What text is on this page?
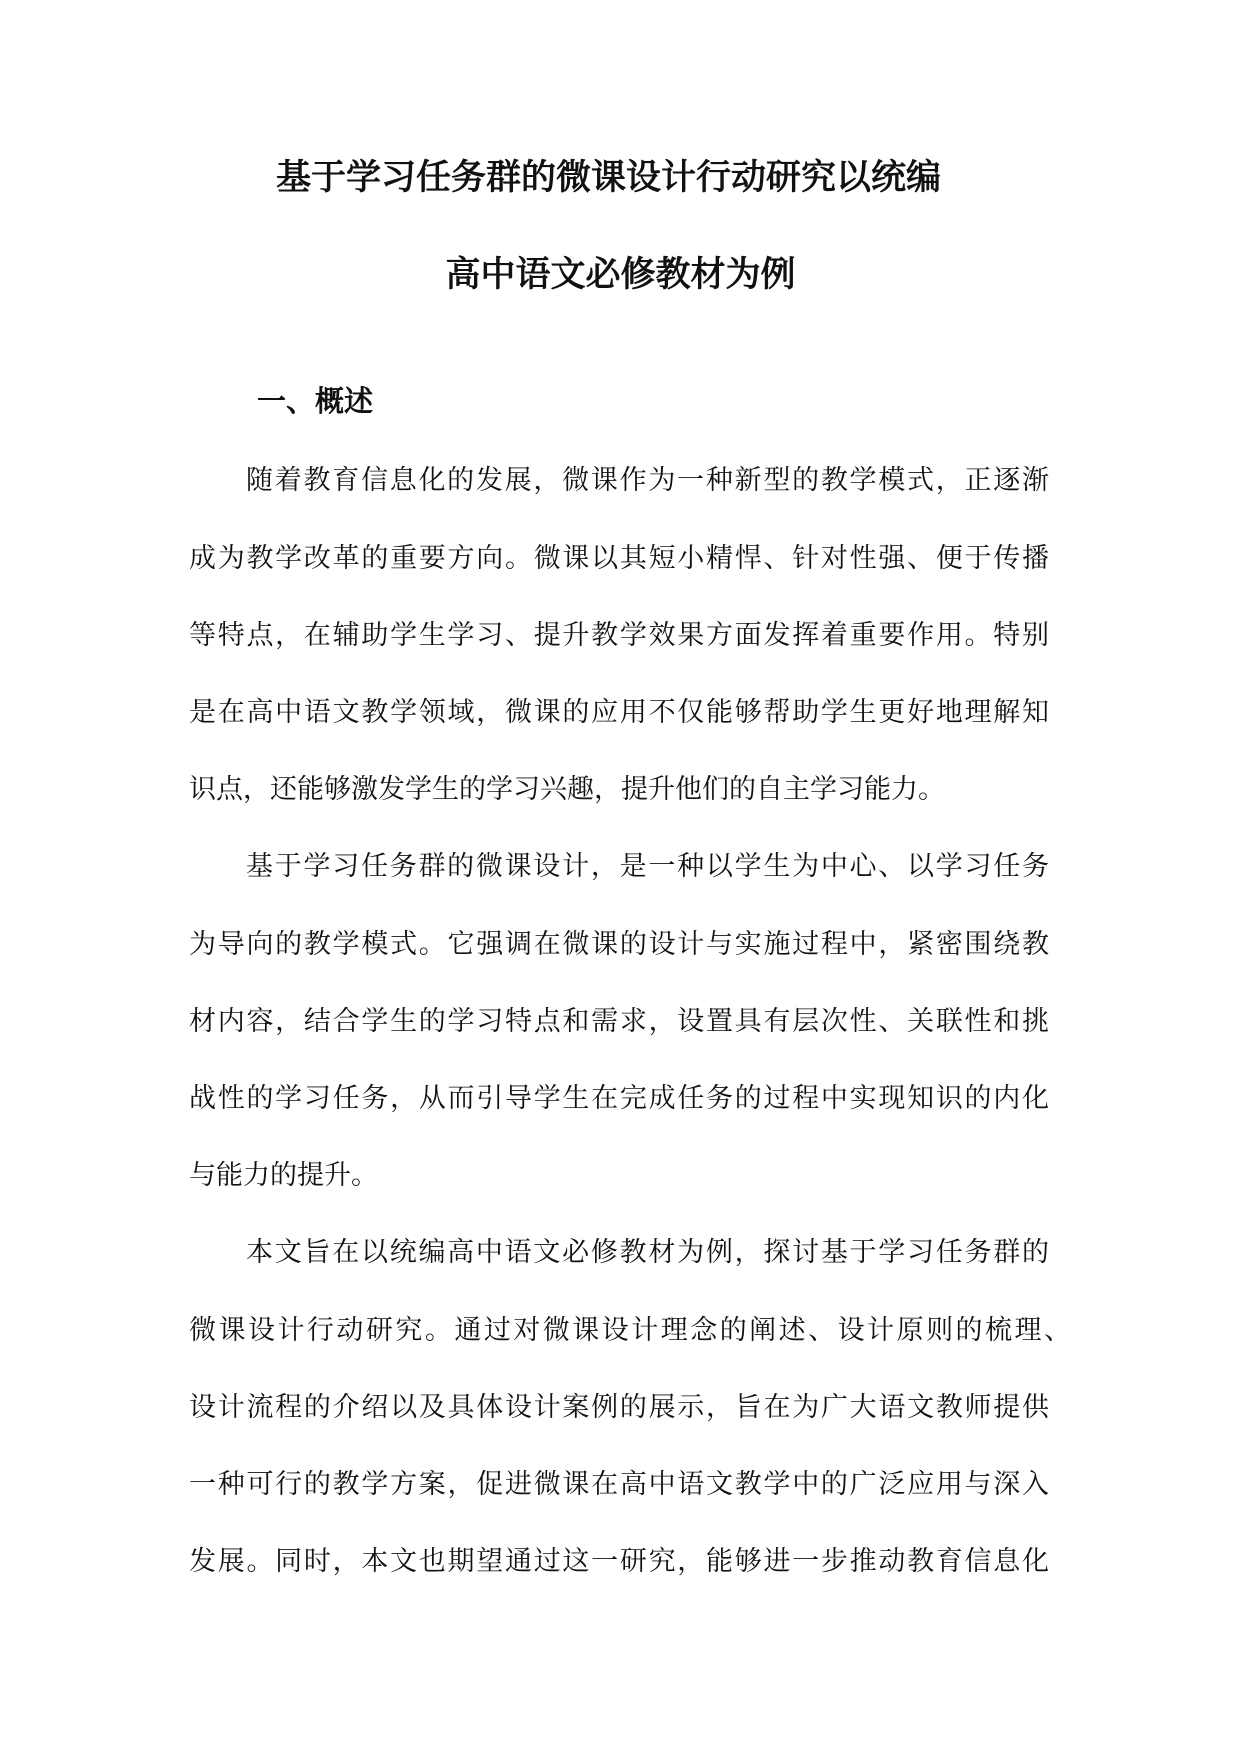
基于学习任务群的微课设计行动研究以统编
高中语文必修教材为例
一、概述
随着教育信息化的发展，微课作为一种新型的教学模式，正逐渐
成为教学改革的重要方向。微课以其短小精悍、针对性强、便于传播
等特点，在辅助学生学习、提升教学效果方面发挥着重要作用。特别
是在高中语文教学领域，微课的应用不仅能够帮助学生更好地理解知
识点，还能够激发学生的学习兴趣，提升他们的自主学习能力。
基于学习任务群的微课设计，是一种以学生为中心、以学习任务
为导向的教学模式。它强调在微课的设计与实施过程中，紧密围绕教
材内容，结合学生的学习特点和需求，设置具有层次性、关联性和挑
战性的学习任务，从而引导学生在完成任务的过程中实现知识的内化
与能力的提升。
本文旨在以统编高中语文必修教材为例，探讨基于学习任务群的
微课设计行动研究。通过对微课设计理念的阐述、设计原则的梳理、
设计流程的介绍以及具体设计案例的展示，旨在为广大语文教师提供
一种可行的教学方案，促进微课在高中语文教学中的广泛应用与深入
发展。同时，本文也期望通过这一研究，能够进一步推动教育信息化
